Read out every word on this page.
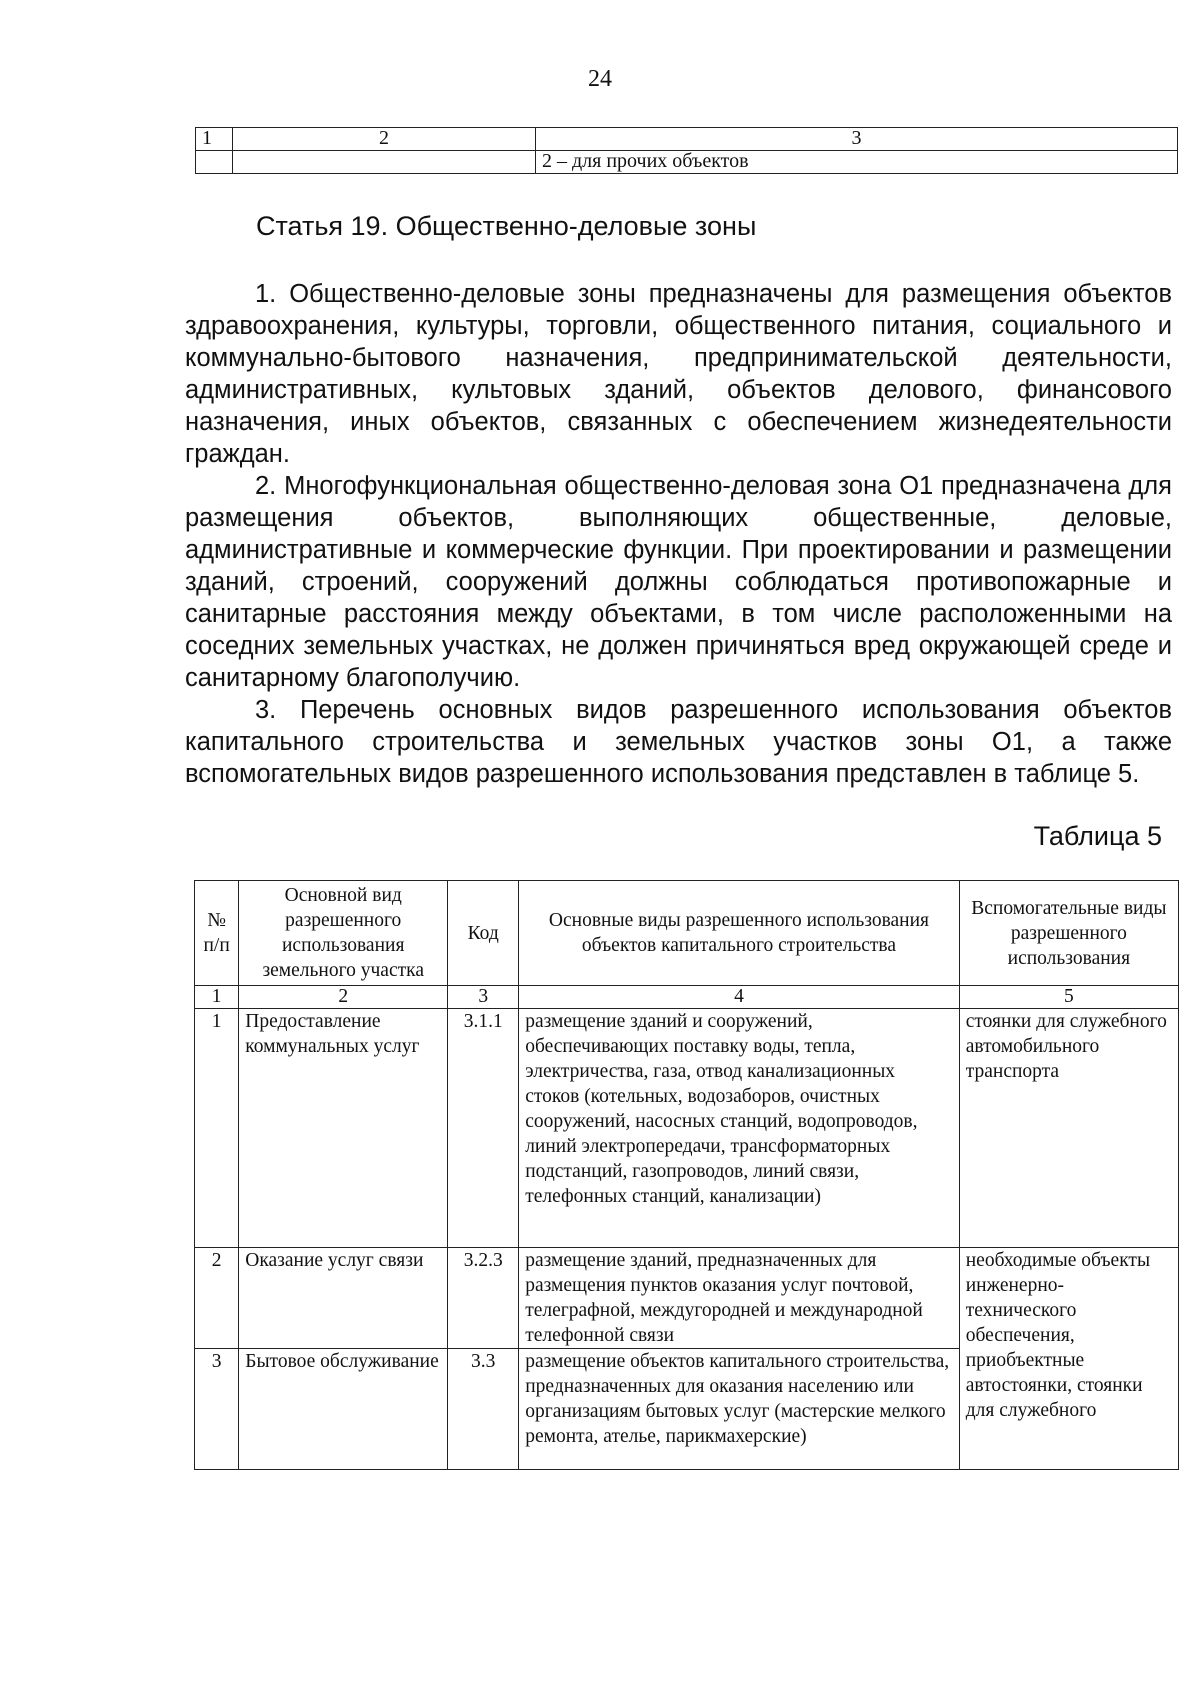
24
1	2	3
		2 – для прочих объектов
Статья 19. Общественно-деловые зоны
1. Общественно-деловые зоны предназначены для размещения объектов здравоохранения, культуры, торговли, общественного питания, социального и коммунально-бытового назначения, предпринимательской деятельности, административных, культовых зданий, объектов делового, финансового назначения, иных объектов, связанных с обеспечением жизнедеятельности граждан.
2. Многофункциональная общественно-деловая зона О1 предназначена для размещения объектов, выполняющих общественные, деловые, административные и коммерческие функции. При проектировании и размещении зданий, строений, сооружений должны соблюдаться противопожарные и санитарные расстояния между объектами, в том числе расположенными на соседних земельных участках, не должен причиняться вред окружающей среде и санитарному благополучию.
3. Перечень основных видов разрешенного использования объектов капитального строительства и земельных участков зоны О1, а также вспомогательных видов разрешенного использования представлен в таблице 5.
Таблица 5
№ п/п	Основной вид разрешенного использования земельного участка	Код	Основные виды разрешенного использования объектов капитального строительства	Вспомогательные виды разрешенного использования
1	2	3	4	5
1	Предоставление коммунальных услуг	3.1.1	размещение зданий и сооружений, обеспечивающих поставку воды, тепла, электричества, газа, отвод канализационных стоков (котельных, водозаборов, очистных сооружений, насосных станций, водопроводов, линий электропередачи, трансформаторных подстанций, газопроводов, линий связи, телефонных станций, канализации)	стоянки для служебного автомобильного транспорта
2	Оказание услуг связи	3.2.3	размещение зданий, предназначенных для размещения пунктов оказания услуг почтовой, телеграфной, междугородней и международной телефонной связи	необходимые объекты инженерно-технического обеспечения, приобъектные автостоянки, стоянки для служебного
3	Бытовое обслуживание	3.3	размещение объектов капитального строительства, предназначенных для оказания населению или организациям бытовых услуг (мастерские мелкого ремонта, ателье, парикмахерские)	
